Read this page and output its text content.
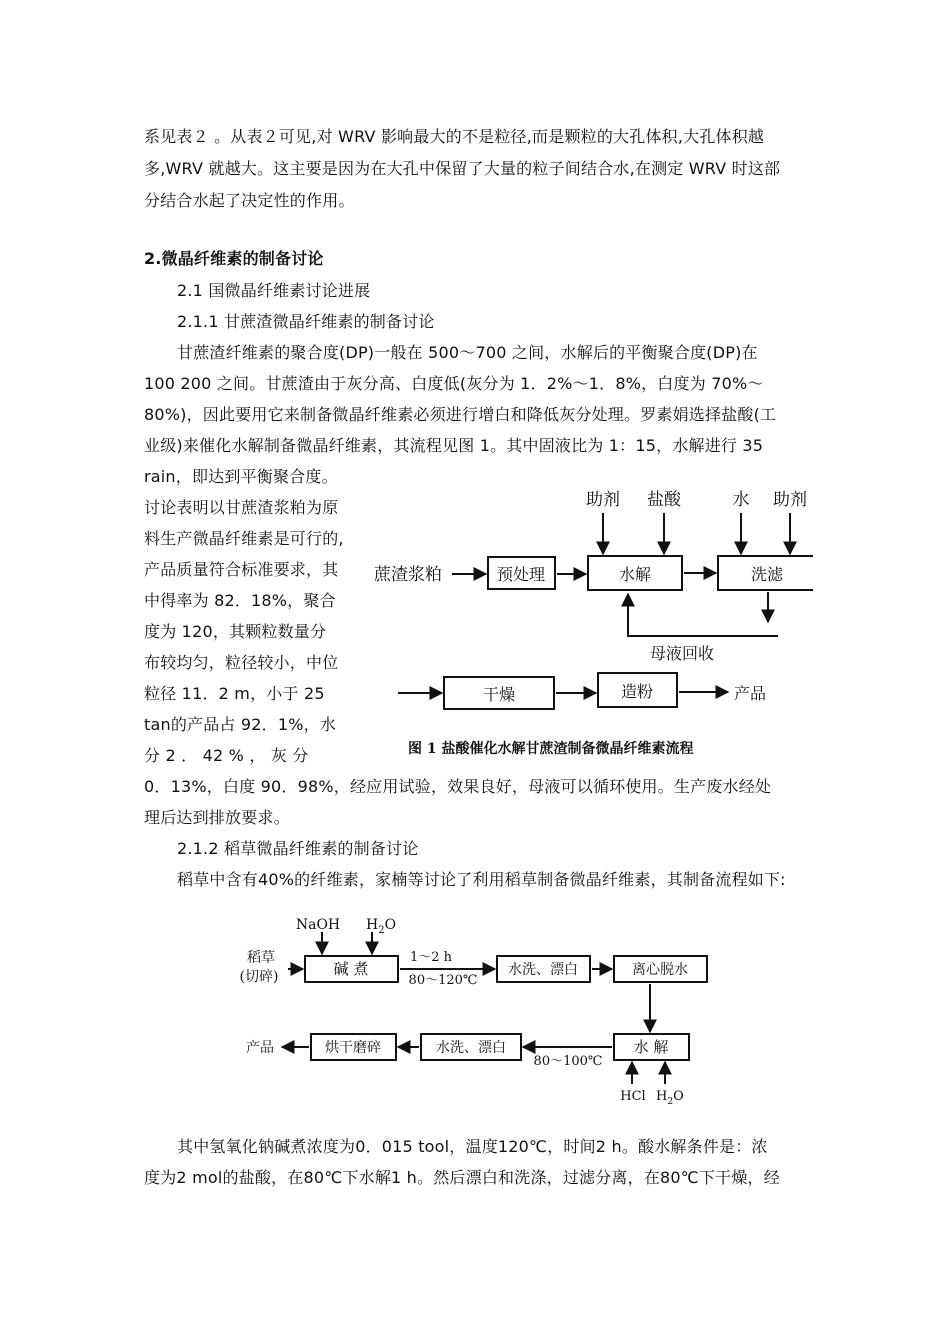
系见表２ 。从表２可见,对 WRV 影响最大的不是粒径,而是颗粒的大孔体积,大孔体积越
多,WRV 就越大。这主要是因为在大孔中保留了大量的粒子间结合水,在测定 WRV 时这部
分结合水起了决定性的作用。
2.微晶纤维素的制备讨论
2.1 国微晶纤维素讨论进展
2.1.1 甘蔗渣微晶纤维素的制备讨论
甘蔗渣纤维素的聚合度(DP)一般在 500～700 之间，水解后的平衡聚合度(DP)在
100 200 之间。甘蔗渣由于灰分高、白度低(灰分为 1．2%～1．8%，白度为 70%～
80%)，因此要用它来制备微晶纤维素必须进行增白和降低灰分处理。罗素娟选择盐酸(工
业级)来催化水解制备微晶纤维素，其流程见图 1。其中固液比为 1：15，水解进行 35
rain，即达到平衡聚合度。
讨论表明以甘蔗渣浆粕为原
料生产微晶纤维素是可行的,
产品质量符合标准要求，其
中得率为 82．18%，聚合
度为 120，其颗粒数量分
布较均匀，粒径较小，中位
粒径 11．2 m，小于 25
tan的产品占 92．1%，水
分 2 ． 42 % ， 灰 分
0．13%，白度 90．98%，经应用试验，效果良好，母液可以循环使用。生产废水经处
理后达到排放要求。
2.1.2 稻草微晶纤维素的制备讨论
稻草中含有40%的纤维素，家楠等讨论了利用稻草制备微晶纤维素，其制备流程如下:
其中氢氧化钠碱煮浓度为0．015 tool，温度120℃，时间2 h。酸水解条件是：浓
度为2 mol的盐酸，在80℃下水解1 h。然后漂白和洗涤，过滤分离，在80℃下干燥，经
蔗渣浆粕	预处理	水解	洗滤
干燥	造粉
助剂 盐酸	水 助剂
母液回收
产品
图 1 盐酸催化水解甘蔗渣制备微晶纤维素流程
稻草
(切碎)
NaOH $H_2O$
碱 煮
1～2 h
80～120℃
水洗、漂白	离心脱水
水 解
80～100℃
水洗、漂白
烘干磨碎
产品
HCl $H_2O$
